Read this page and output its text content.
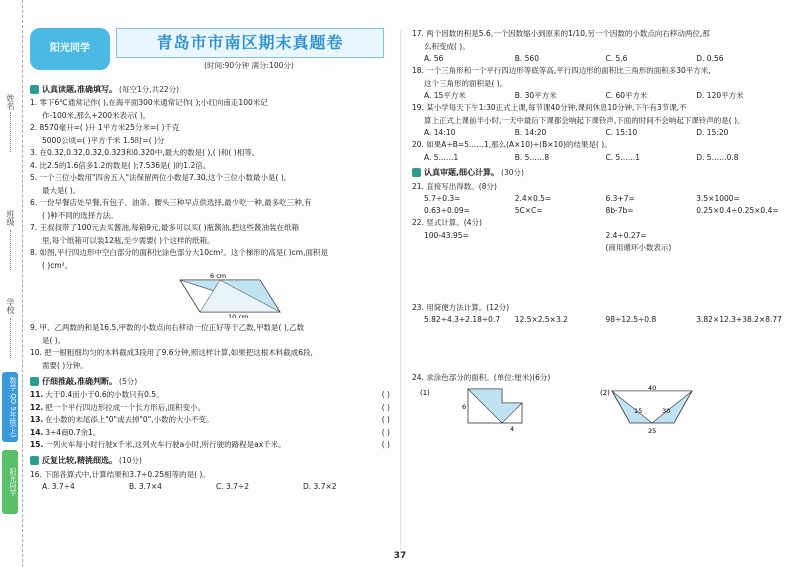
姓名
班级
学校
数学 QD 5年级(上)
阳光同学
阳光同学	青岛市市南区期末真题卷
(时间:90分钟 满分:100分)
认真读题,准确填写。 (每空1分,共22分)
1. 零下6℃通常记作( ),在海平面300米通常记作( );小红向南走100米记
作-100米,那么+200米表示( )。
2. 8570毫升=( )升 1平方米25分米=( )千克
5000公顷=( )平方千米 1.5时=( )分
3. 在0.32,0.32̇,0.3̇2̇,0.323和0.320中,最大的数是( ),( )和( )相等。
4. 比2.5的1.6倍多1.2的数是( );7.536是( )的1.2倍。
5. 一个三位小数用"四舍五入"法保留两位小数是7.30,这个三位小数最小是( ),
最大是( )。
6. 一份早餐店处早餐,有包子、油条、腰头三种早点供选择,最少吃一种,最多吃三种,有
( )种不同的选择方法。
7. 王叔叔带了100元去买酱油,每箱9元,最多可以买( )瓶酱油,把这些酱油装在纸箱
里,每个纸箱可以装12瓶,至少需要( )个这样的纸箱。
8. 如图,平行四边形中空白部分的面积比涂色部分大10cm²。这个梯形的高是( )cm,面积是
( )cm²。
6 cm
10 cm
9. 甲、乙两数的和是16.5,甲数的小数点向右移动一位正好等于乙数,甲数是( ),乙数
是( )。
10. 把一根粗细均匀的木料截成3段用了9.6分钟,照这样计算,如果把这根木料截成6段,
需要( )分钟。
仔细推敲,准确判断。 (5分)
11. 大于0.4而小于0.6的小数只有0.5。	( )
12. 把一个平行四边形拉成一个长方形后,面积变小。	( )
13. 在小数的末尾添上"0"或去掉"0",小数的大小不变。	( )
14. 3÷4商0.7余1。	( )
15. 一列火车每小时行驶x千米,这列火车行驶a小时,所行驶的路程是ax千米。	( )
反复比较,精挑细选。 (10分)
16. 下面各算式中,计算结果和3.7÷0.25相等的是( )。
A. 3.7÷4	B. 3.7×4	C. 3.7÷2	D. 3.7×2
17. 两个因数的积是5.6,一个因数缩小到原来的1/10,另一个因数的小数点向右移动两位,那
么积变成( )。
A. 56	B. 560	C. 5.6	D. 0.56
18. 一个三角形和一个平行四边形等底等高,平行四边形的面积比三角形的面积多30平方米,
这个三角形的面积是( )。
A. 15平方米	B. 30平方米	C. 60平方米	D. 120平方米
19. 某小学每天下午1:30正式上课,每节课40分钟,课间休息10分钟,下午有3节课,不
算上正式上课前半小时,一天中最后下课都会响起下课铃声,下面的时间不会响起下课铃声的是( )。
A. 14:10	B. 14:20	C. 15:10	D. 15:20
20. 如果A÷B=5……1,那么(A×10)÷(B×10)的结果是( )。
A. 5……1	B. 5……8	C. 5……1	D. 5……0.8
认真审题,细心计算。 (30分)
21. 直接写出得数。(8分)
5.7÷0.3=	2.4×0.5=	6.3+7=	3.5×1000=
0.63÷0.09=	5C×C=	8b-7b=	0.25×0.4÷0.25×0.4=
22. 竖式计算。(4分)
100-43.95=	2.4÷0.27=
(商用循环小数表示)
23. 用简便方法计算。(12分)
5.82÷4.3+2.18÷0.7	12.5×2.5×3.2	98÷12.5÷0.8	3.82×12.3+38.2×8.77
24. 求涂色部分的面积。(单位:厘米)(6分)
(1)
6
4
(2)
40
15	30
25
37
